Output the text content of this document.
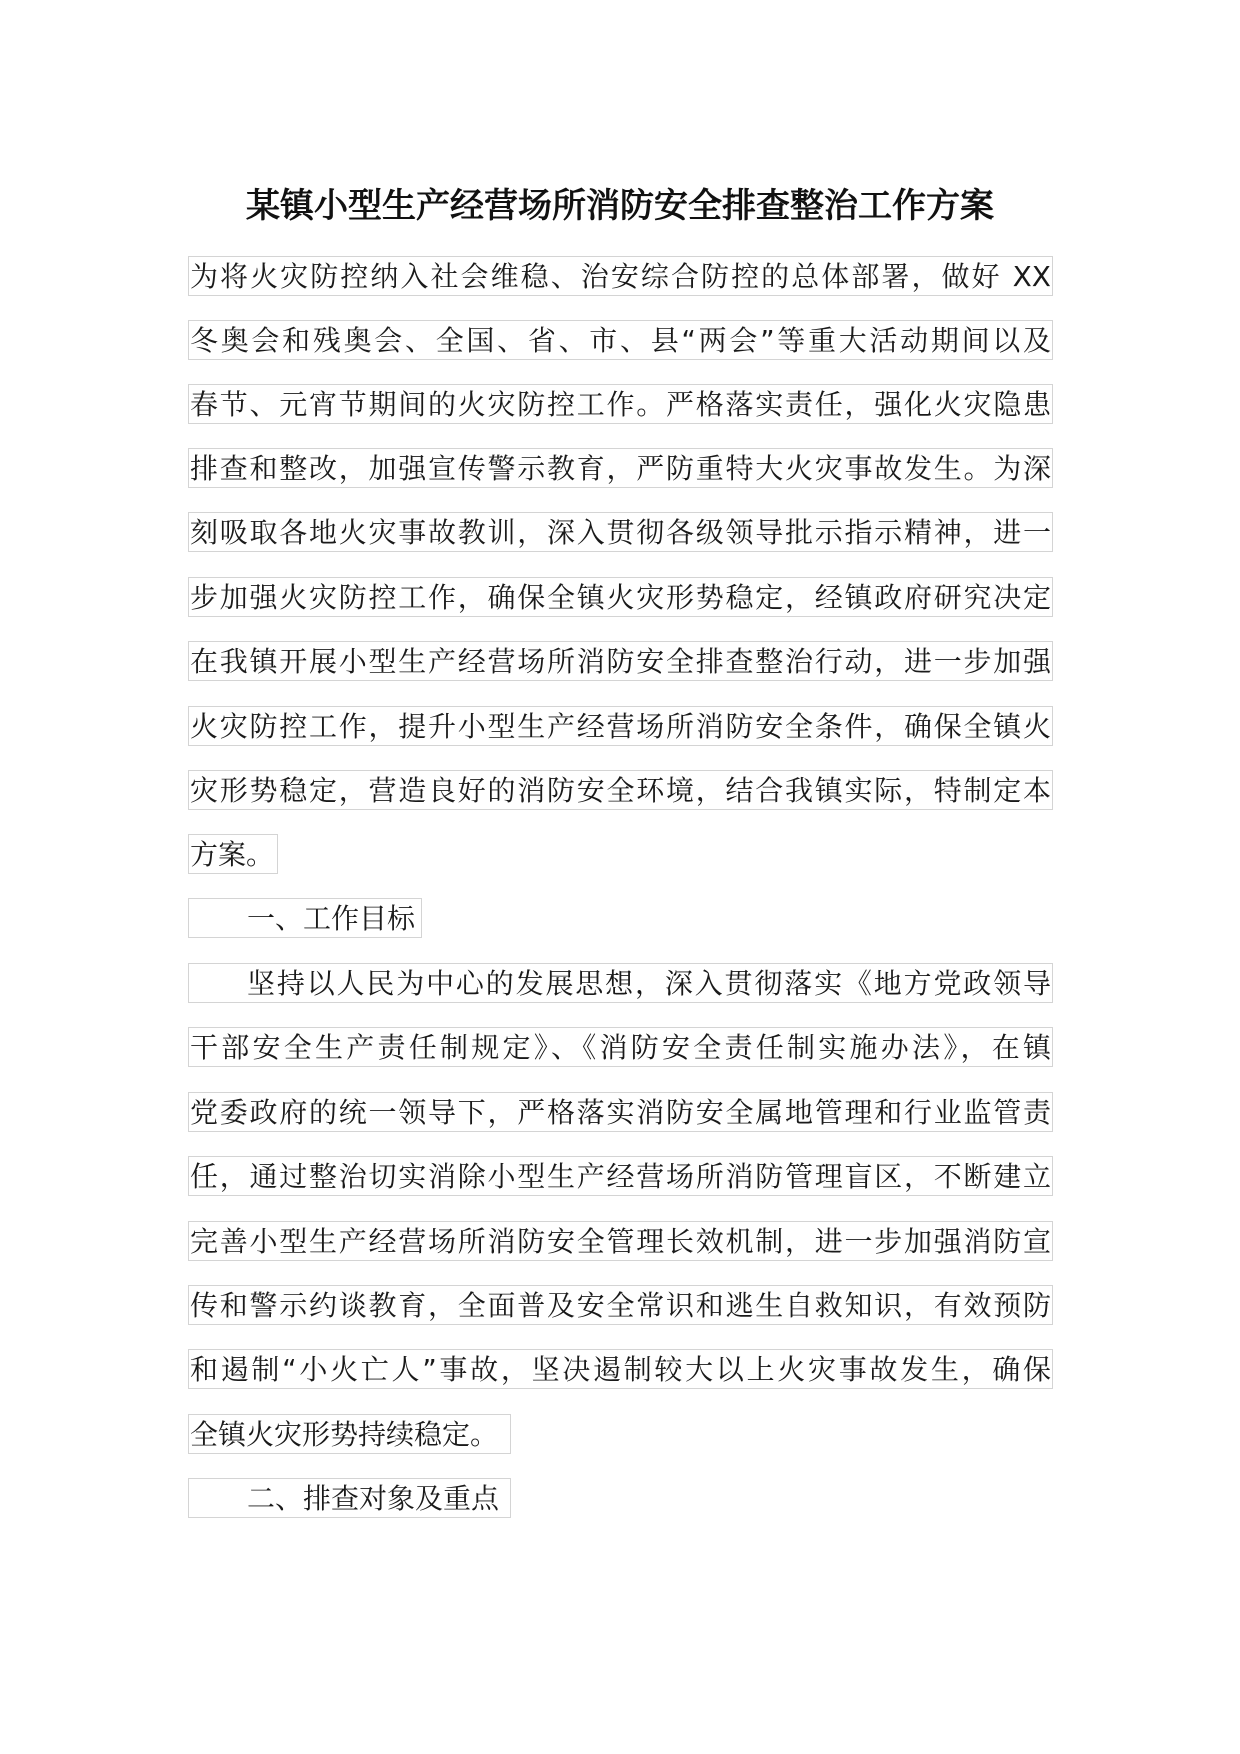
某镇小型生产经营场所消防安全排查整治工作方案
为将火灾防控纳入社会维稳、治安综合防控的总体部署，做好 XX
冬奥会和残奥会、全国、省、市、县“两会”等重大活动期间以及
春节、元宵节期间的火灾防控工作。严格落实责任，强化火灾隐患
排查和整改，加强宣传警示教育，严防重特大火灾事故发生。为深
刻吸取各地火灾事故教训，深入贯彻各级领导批示指示精神，进一
步加强火灾防控工作，确保全镇火灾形势稳定，经镇政府研究决定
在我镇开展小型生产经营场所消防安全排查整治行动，进一步加强
火灾防控工作，提升小型生产经营场所消防安全条件，确保全镇火
灾形势稳定，营造良好的消防安全环境，结合我镇实际，特制定本
方案。
一、工作目标
坚持以人民为中心的发展思想，深入贯彻落实《地方党政领导
干部安全生产责任制规定》、《消防安全责任制实施办法》，在镇
党委政府的统一领导下，严格落实消防安全属地管理和行业监管责
任，通过整治切实消除小型生产经营场所消防管理盲区，不断建立
完善小型生产经营场所消防安全管理长效机制，进一步加强消防宣
传和警示约谈教育，全面普及安全常识和逃生自救知识，有效预防
和遏制“小火亡人”事故，坚决遏制较大以上火灾事故发生，确保
全镇火灾形势持续稳定。
二、排查对象及重点
